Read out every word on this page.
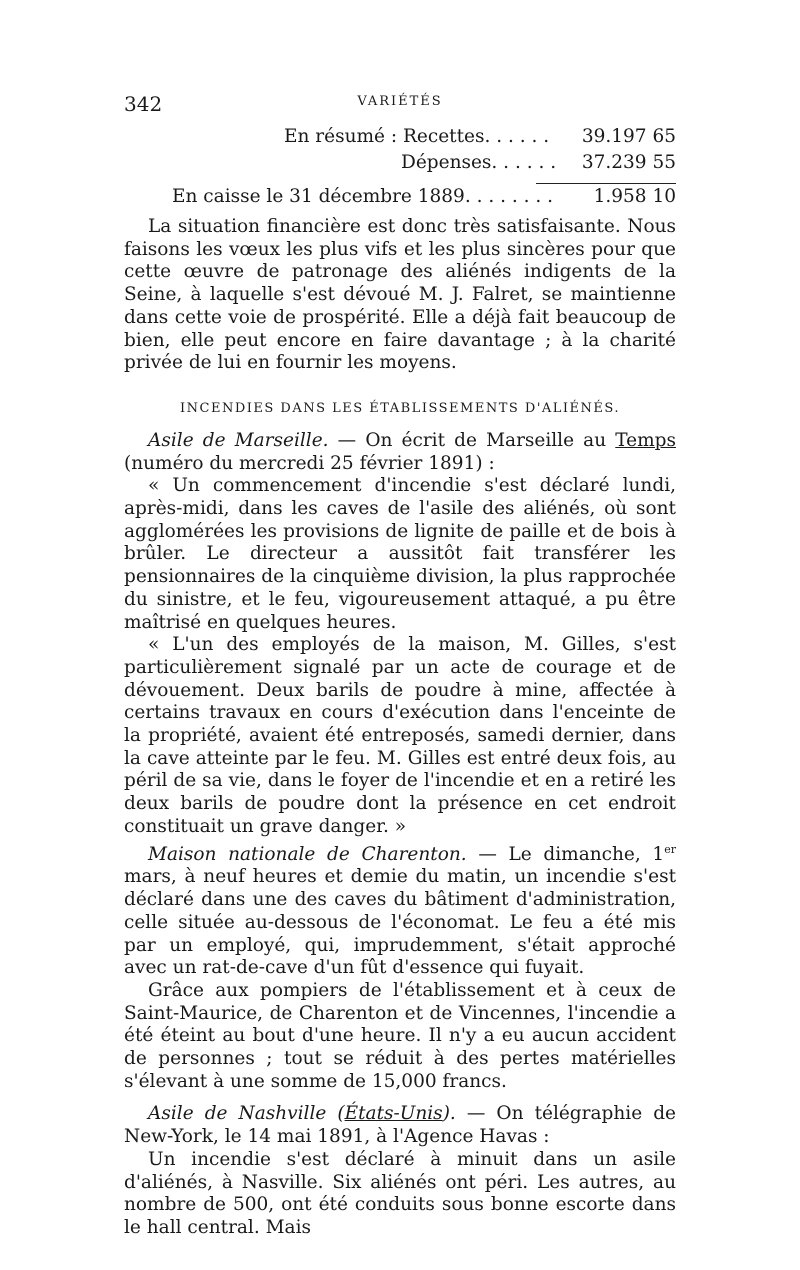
342	VARIÉTÉS
En résumé : Recettes. . . . . . 39.197 65
Dépenses. . . . . . 37.239 55
En caisse le 31 décembre 1889. . . . . . . . 1.958 10

La situation financière est donc très satisfaisante. Nous faisons les vœux les plus vifs et les plus sincères pour que cette œuvre de patronage des aliénés indigents de la Seine, à laquelle s'est dévoué M. J. Falret, se maintienne dans cette voie de prospérité. Elle a déjà fait beaucoup de bien, elle peut encore en faire davantage ; à la charité privée de lui en fournir les moyens.

INCENDIES DANS LES ÉTABLISSEMENTS D'ALIÉNÉS.

Asile de Marseille. — On écrit de Marseille au Temps (numéro du mercredi 25 février 1891) :

« Un commencement d'incendie s'est déclaré lundi, après-midi, dans les caves de l'asile des aliénés, où sont agglomérées les provisions de lignite de paille et de bois à brûler. Le directeur a aussitôt fait transférer les pensionnaires de la cinquième division, la plus rapprochée du sinistre, et le feu, vigoureusement attaqué, a pu être maîtrisé en quelques heures.

« L'un des employés de la maison, M. Gilles, s'est particulièrement signalé par un acte de courage et de dévouement. Deux barils de poudre à mine, affectée à certains travaux en cours d'exécution dans l'enceinte de la propriété, avaient été entreposés, samedi dernier, dans la cave atteinte par le feu. M. Gilles est entré deux fois, au péril de sa vie, dans le foyer de l'incendie et en a retiré les deux barils de poudre dont la présence en cet endroit constituait un grave danger. »

Maison nationale de Charenton. — Le dimanche, 1er mars, à neuf heures et demie du matin, un incendie s'est déclaré dans une des caves du bâtiment d'administration, celle située au-dessous de l'économat. Le feu a été mis par un employé, qui, imprudemment, s'était approché avec un rat-de-cave d'un fût d'essence qui fuyait.

Grâce aux pompiers de l'établissement et à ceux de Saint-Maurice, de Charenton et de Vincennes, l'incendie a été éteint au bout d'une heure. Il n'y a eu aucun accident de personnes ; tout se réduit à des pertes matérielles s'élevant à une somme de 15,000 francs.

Asile de Nashville (États-Unis). — On télégraphie de New-York, le 14 mai 1891, à l'Agence Havas :

Un incendie s'est déclaré à minuit dans un asile d'aliénés, à Nasville. Six aliénés ont péri. Les autres, au nombre de 500, ont été conduits sous bonne escorte dans le hall central. Mais
